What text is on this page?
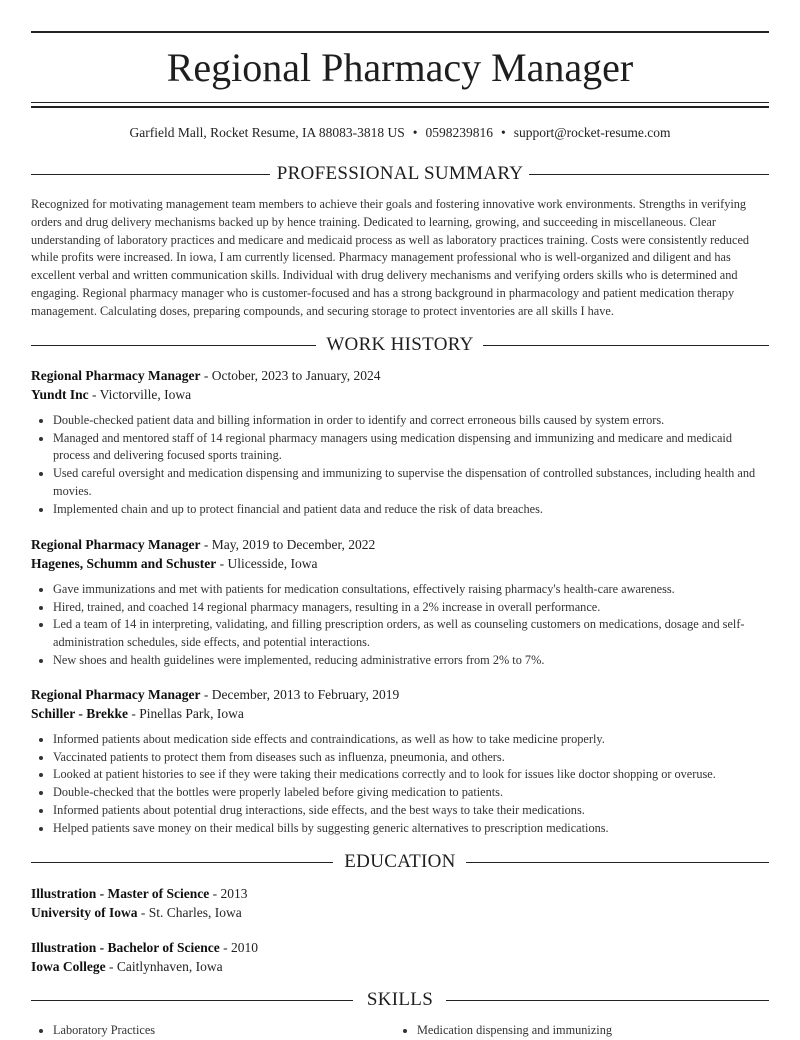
Regional Pharmacy Manager
Garfield Mall, Rocket Resume, IA 88083-3818 US • 0598239816 • support@rocket-resume.com
PROFESSIONAL SUMMARY
Recognized for motivating management team members to achieve their goals and fostering innovative work environments. Strengths in verifying orders and drug delivery mechanisms backed up by hence training. Dedicated to learning, growing, and succeeding in miscellaneous. Clear understanding of laboratory practices and medicare and medicaid process as well as laboratory practices training. Costs were consistently reduced while profits were increased. In iowa, I am currently licensed. Pharmacy management professional who is well-organized and diligent and has excellent verbal and written communication skills. Individual with drug delivery mechanisms and verifying orders skills who is determined and engaging. Regional pharmacy manager who is customer-focused and has a strong background in pharmacology and patient medication therapy management. Calculating doses, preparing compounds, and securing storage to protect inventories are all skills I have.
WORK HISTORY
Regional Pharmacy Manager - October, 2023 to January, 2024
Yundt Inc - Victorville, Iowa
• Double-checked patient data and billing information in order to identify and correct erroneous bills caused by system errors.
• Managed and mentored staff of 14 regional pharmacy managers using medication dispensing and immunizing and medicare and medicaid process and delivering focused sports training.
• Used careful oversight and medication dispensing and immunizing to supervise the dispensation of controlled substances, including health and movies.
• Implemented chain and up to protect financial and patient data and reduce the risk of data breaches.
Regional Pharmacy Manager - May, 2019 to December, 2022
Hagenes, Schumm and Schuster - Ulicesside, Iowa
• Gave immunizations and met with patients for medication consultations, effectively raising pharmacy's health-care awareness.
• Hired, trained, and coached 14 regional pharmacy managers, resulting in a 2% increase in overall performance.
• Led a team of 14 in interpreting, validating, and filling prescription orders, as well as counseling customers on medications, dosage and self-administration schedules, side effects, and potential interactions.
• New shoes and health guidelines were implemented, reducing administrative errors from 2% to 7%.
Regional Pharmacy Manager - December, 2013 to February, 2019
Schiller - Brekke - Pinellas Park, Iowa
• Informed patients about medication side effects and contraindications, as well as how to take medicine properly.
• Vaccinated patients to protect them from diseases such as influenza, pneumonia, and others.
• Looked at patient histories to see if they were taking their medications correctly and to look for issues like doctor shopping or overuse.
• Double-checked that the bottles were properly labeled before giving medication to patients.
• Informed patients about potential drug interactions, side effects, and the best ways to take their medications.
• Helped patients save money on their medical bills by suggesting generic alternatives to prescription medications.
EDUCATION
Illustration - Master of Science - 2013
University of Iowa - St. Charles, Iowa
Illustration - Bachelor of Science - 2010
Iowa College - Caitlynhaven, Iowa
SKILLS
• Laboratory Practices
•	Medication dispensing and immunizing
